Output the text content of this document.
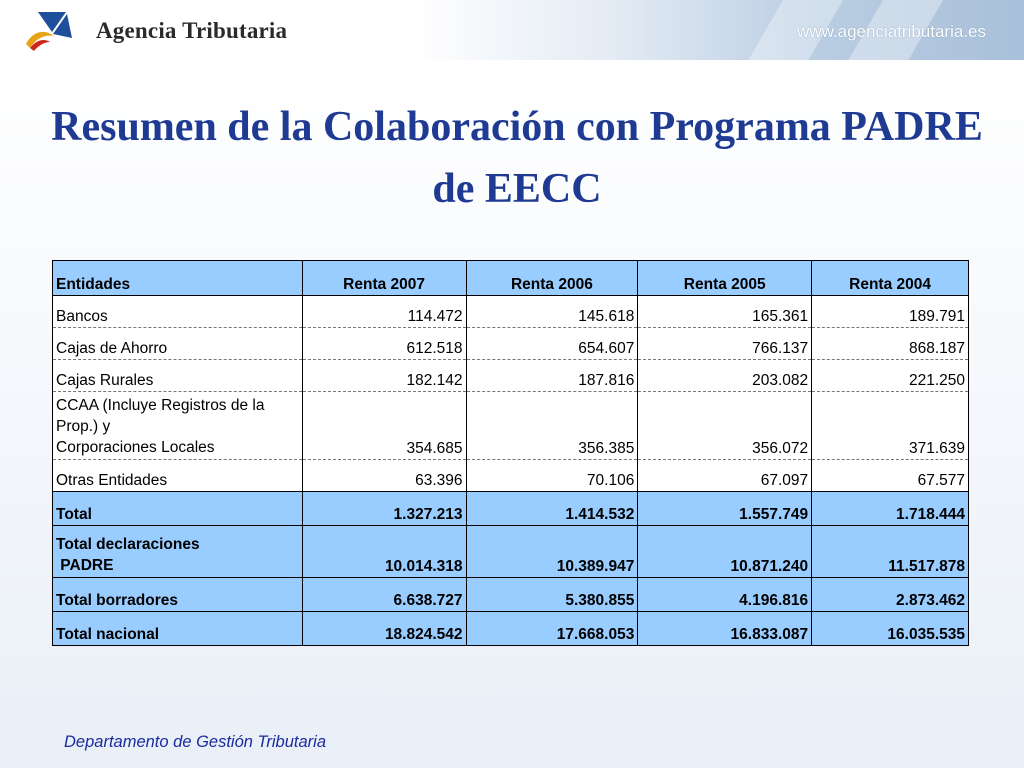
Agencia Tributaria	www.agenciatributaria.es
Resumen de la Colaboración con Programa PADRE
de EECC
Entidades	Renta 2007	Renta 2006	Renta 2005	Renta 2004
Bancos	114.472	145.618	165.361	189.791
Cajas de Ahorro	612.518	654.607	766.137	868.187
Cajas Rurales	182.142	187.816	203.082	221.250

CCAA (Incluye Registros de la
Prop.) y
Corporaciones Locales	354.685	356.385	356.072	371.639
Otras Entidades	63.396	70.106	67.097	67.577
Total	1.327.213	1.414.532	1.557.749	1.718.444

Total declaraciones
PADRE	10.014.318	10.389.947	10.871.240	11.517.878
Total borradores	6.638.727	5.380.855	4.196.816	2.873.462
Total nacional	18.824.542	17.668.053	16.833.087	16.035.535
Departamento de Gestión Tributaria
